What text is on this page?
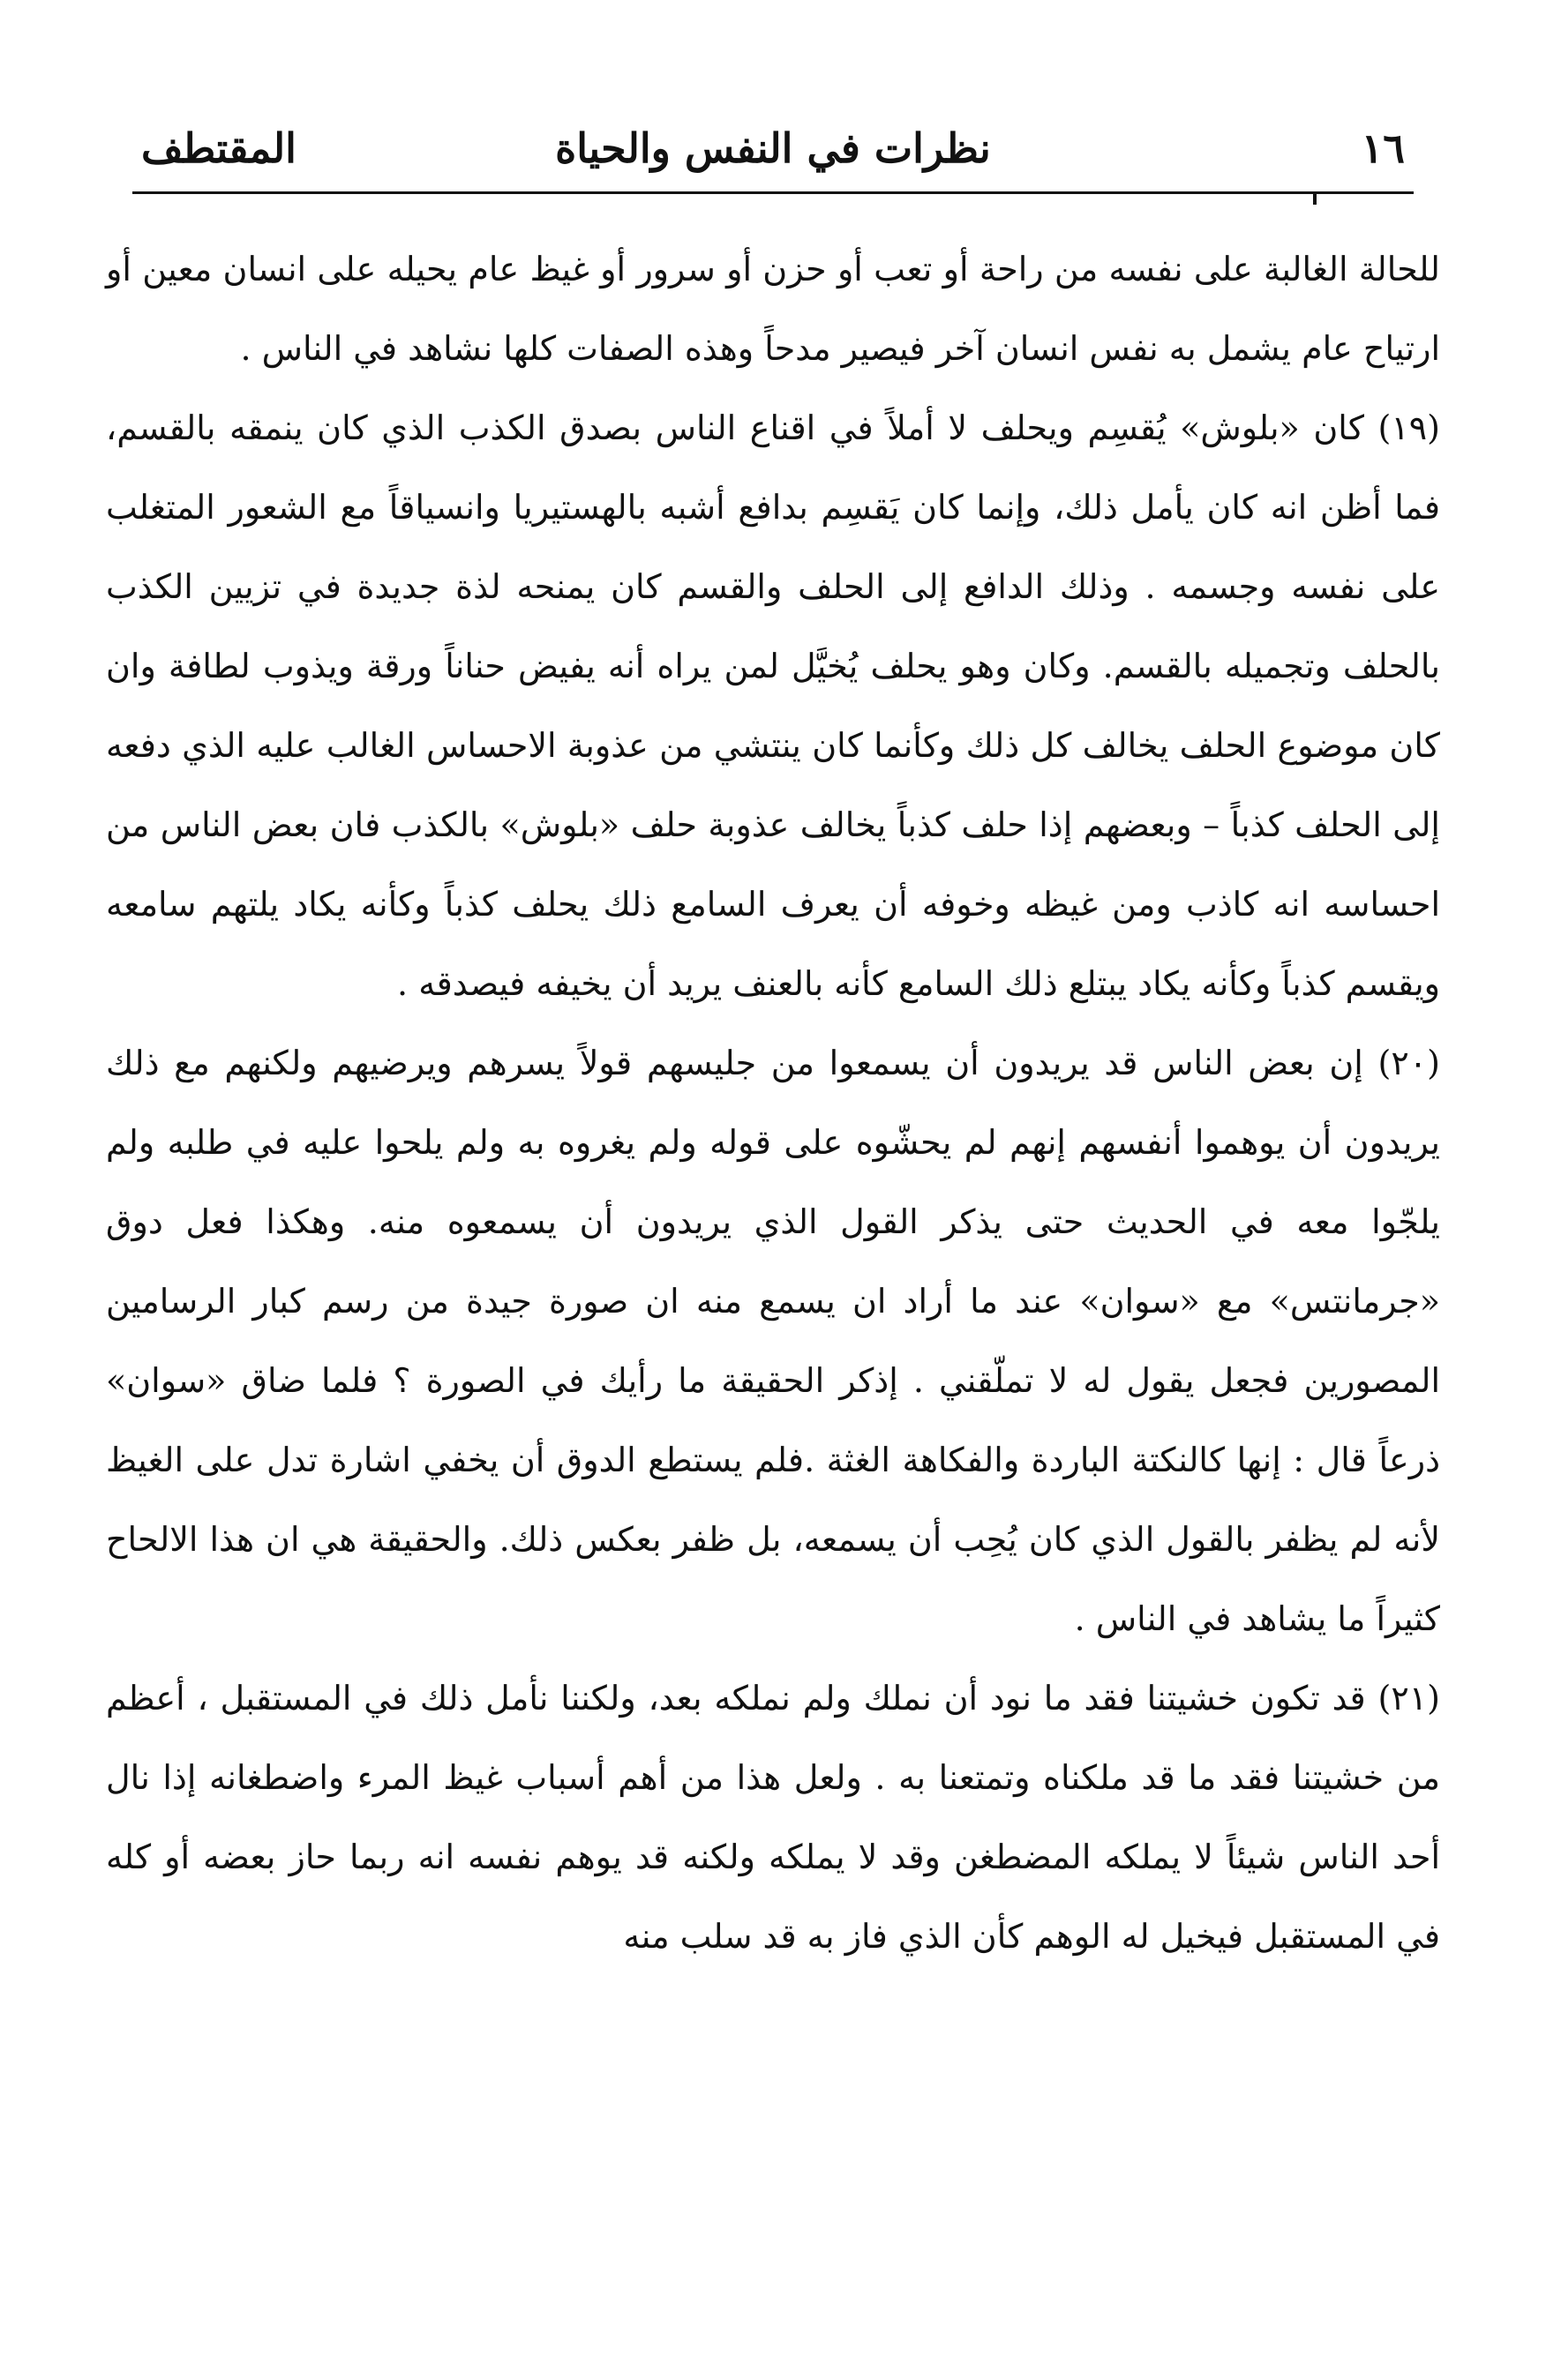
١٦
نظرات في النفس والحياة
المقتطف

للحالة الغالبة على نفسه من راحة أو تعب أو حزن أو سرور أو غيظ عام يحيله على انسان معين أو ارتياح عام يشمل به نفس انسان آخر فيصير مدحاً وهذه الصفات كلها نشاهد في الناس .

(١٩) كان «بلوش» يُقسِم ويحلف لا أملاً في اقناع الناس بصدق الكذب الذي كان ينمقه بالقسم، فما أظن انه كان يأمل ذلك، وإنما كان يَقسِم بدافع أشبه بالهستيريا وانسياقاً مع الشعور المتغلب على نفسه وجسمه . وذلك الدافع إلى الحلف والقسم كان يمنحه لذة جديدة في تزيين الكذب بالحلف وتجميله بالقسم. وكان وهو يحلف يُخيَّل لمن يراه أنه يفيض حناناً ورقة ويذوب لطافة وان كان موضوع الحلف يخالف كل ذلك وكأنما كان ينتشي من عذوبة الاحساس الغالب عليه الذي دفعه إلى الحلف كذباً – وبعضهم إذا حلف كذباً يخالف عذوبة حلف «بلوش» بالكذب فان بعض الناس من احساسه انه كاذب ومن غيظه وخوفه أن يعرف السامع ذلك يحلف كذباً وكأنه يكاد يلتهم سامعه ويقسم كذباً وكأنه يكاد يبتلع ذلك السامع كأنه بالعنف يريد أن يخيفه فيصدقه .

(٢٠) إن بعض الناس قد يريدون أن يسمعوا من جليسهم قولاً يسرهم ويرضيهم ولكنهم مع ذلك يريدون أن يوهموا أنفسهم إنهم لم يحشّوه على قوله ولم يغروه به ولم يلحوا عليه في طلبه ولم يلجّوا معه في الحديث حتى يذكر القول الذي يريدون أن يسمعوه منه. وهكذا فعل دوق «جرمانتس» مع «سوان» عند ما أراد ان يسمع منه ان صورة جيدة من رسم كبار الرسامين المصورين فجعل يقول له لا تملّقني . إذكر الحقيقة ما رأيك في الصورة ؟ فلما ضاق «سوان» ذرعاً قال : إنها كالنكتة الباردة والفكاهة الغثة .فلم يستطع الدوق أن يخفي اشارة تدل على الغيظ لأنه لم يظفر بالقول الذي كان يُحِب أن يسمعه، بل ظفر بعكس ذلك. والحقيقة هي ان هذا الالحاح كثيراً ما يشاهد في الناس .

(٢١) قد تكون خشيتنا فقد ما نود أن نملك ولم نملكه بعد، ولكننا نأمل ذلك في المستقبل ، أعظم من خشيتنا فقد ما قد ملكناه وتمتعنا به . ولعل هذا من أهم أسباب غيظ المرء واضطغانه إذا نال أحد الناس شيئاً لا يملكه المضطغن وقد لا يملكه ولكنه قد يوهم نفسه انه ربما حاز بعضه أو كله في المستقبل فيخيل له الوهم كأن الذي فاز به قد سلب منه
